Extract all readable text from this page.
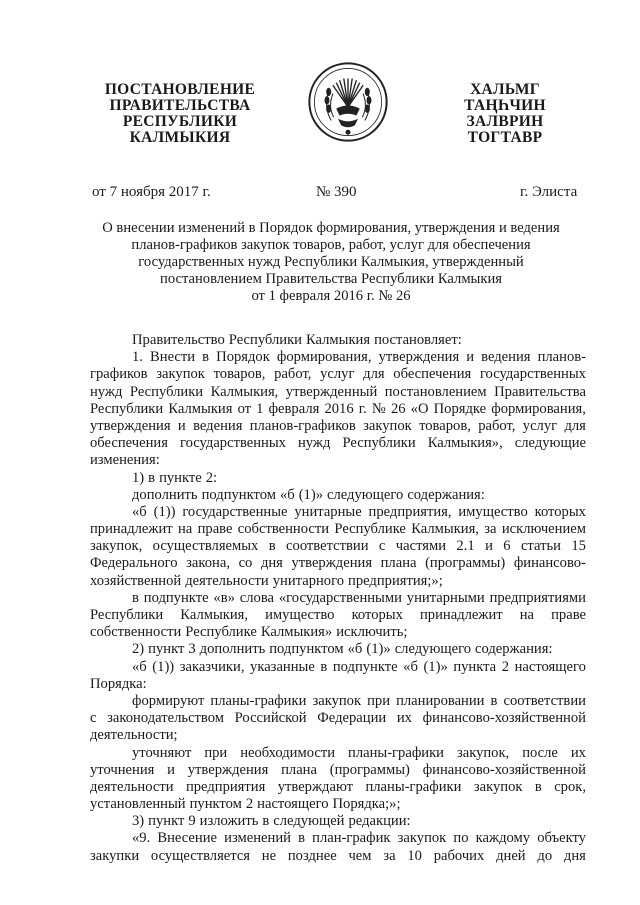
ПОСТАНОВЛЕНИЕ
ПРАВИТЕЛЬСТВА
РЕСПУБЛИКИ
КАЛМЫКИЯ
ХАЛЬМГ
ТАҢҺЧИН
ЗАЛВРИН
ТОГТАВР
от 7 ноября 2017 г.	№ 390	г. Элиста
О внесении изменений в Порядок формирования, утверждения и ведения
планов-графиков закупок товаров, работ, услуг для обеспечения
государственных нужд Республики Калмыкия, утвержденный
постановлением Правительства Республики Калмыкия
от 1 февраля 2016 г. № 26
Правительство Республики Калмыкия постановляет:
1. Внести в Порядок формирования, утверждения и ведения планов-
графиков закупок товаров, работ, услуг для обеспечения государственных
нужд Республики Калмыкия, утвержденный постановлением Правительства
Республики Калмыкия от 1 февраля 2016 г. № 26 «О Порядке формирования,
утверждения и ведения планов-графиков закупок товаров, работ, услуг для
обеспечения государственных нужд Республики Калмыкия», следующие
изменения:
1) в пункте 2:
дополнить подпунктом «б (1)» следующего содержания:
«б (1)) государственные унитарные предприятия, имущество которых
принадлежит на праве собственности Республике Калмыкия, за исключением
закупок, осуществляемых в соответствии с частями 2.1 и 6 статьи 15
Федерального закона, со дня утверждения плана (программы) финансово-
хозяйственной деятельности унитарного предприятия;»;
в подпункте «в» слова «государственными унитарными предприятиями
Республики Калмыкия, имущество которых принадлежит на праве
собственности Республике Калмыкия» исключить;
2) пункт 3 дополнить подпунктом «б (1)» следующего содержания:
«б (1)) заказчики, указанные в подпункте «б (1)» пункта 2 настоящего
Порядка:
формируют планы-графики закупок при планировании в соответствии
с законодательством Российской Федерации их финансово-хозяйственной
деятельности;
уточняют при необходимости планы-графики закупок, после их
уточнения и утверждения плана (программы) финансово-хозяйственной
деятельности предприятия утверждают планы-графики закупок в срок,
установленный пунктом 2 настоящего Порядка;»;
3) пункт 9 изложить в следующей редакции:
«9. Внесение изменений в план-график закупок по каждому объекту
закупки осуществляется не позднее чем за 10 рабочих дней до дня
